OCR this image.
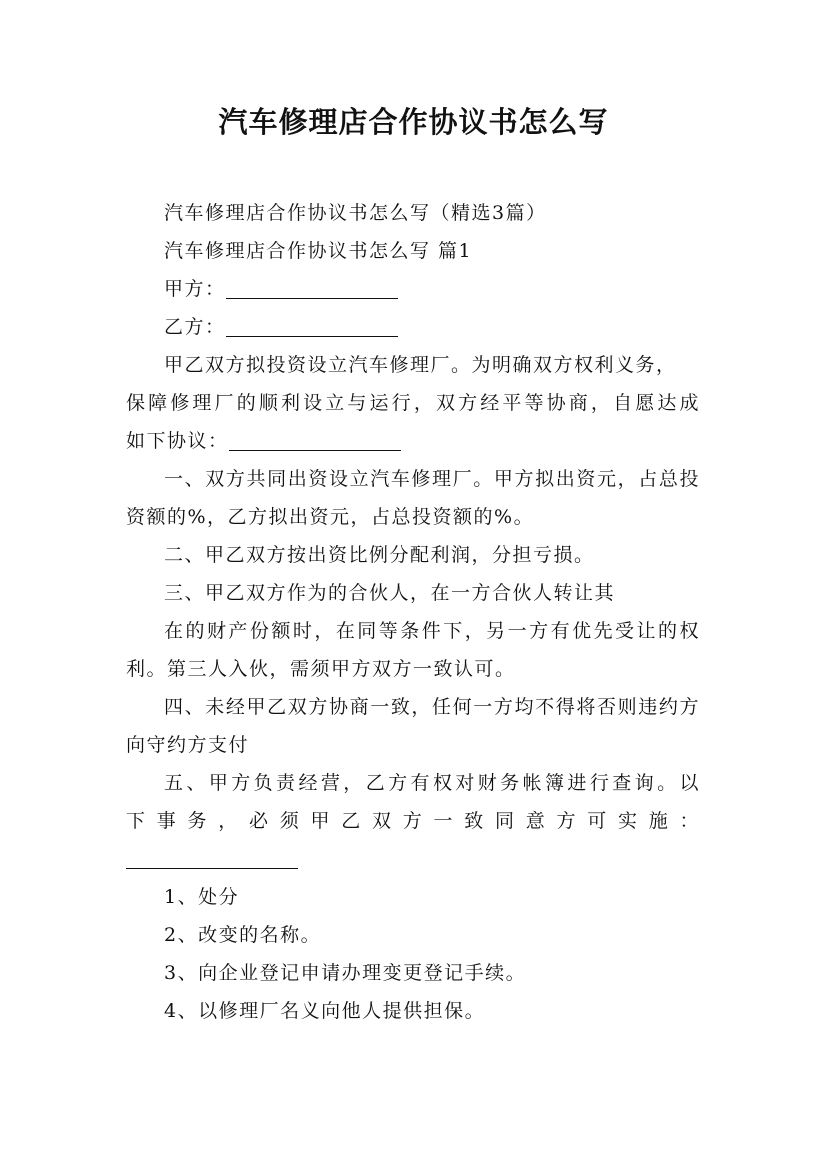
汽车修理店合作协议书怎么写

汽车修理店合作协议书怎么写（精选3篇）

汽车修理店合作协议书怎么写 篇1

甲方：

乙方：

甲乙双方拟投资设立汽车修理厂。为明确双方权利义务，

保障修理厂的顺利设立与运行，双方经平等协商，自愿达成

如下协议：

一、双方共同出资设立汽车修理厂。甲方拟出资元，占总投资额的%，乙方拟出资元，占总投资额的%。

二、甲乙双方按出资比例分配利润，分担亏损。

三、甲乙双方作为的合伙人，在一方合伙人转让其

在的财产份额时，在同等条件下，另一方有优先受让的权利。第三人入伙，需须甲方双方一致认可。

四、未经甲乙双方协商一致，任何一方均不得将否则违约方向守约方支付

五、甲方负责经营，乙方有权对财务帐簿进行查询。以

下事务，必须甲乙双方一致同意方可实施：

1、处分

2、改变的名称。

3、向企业登记申请办理变更登记手续。

4、以修理厂名义向他人提供担保。
